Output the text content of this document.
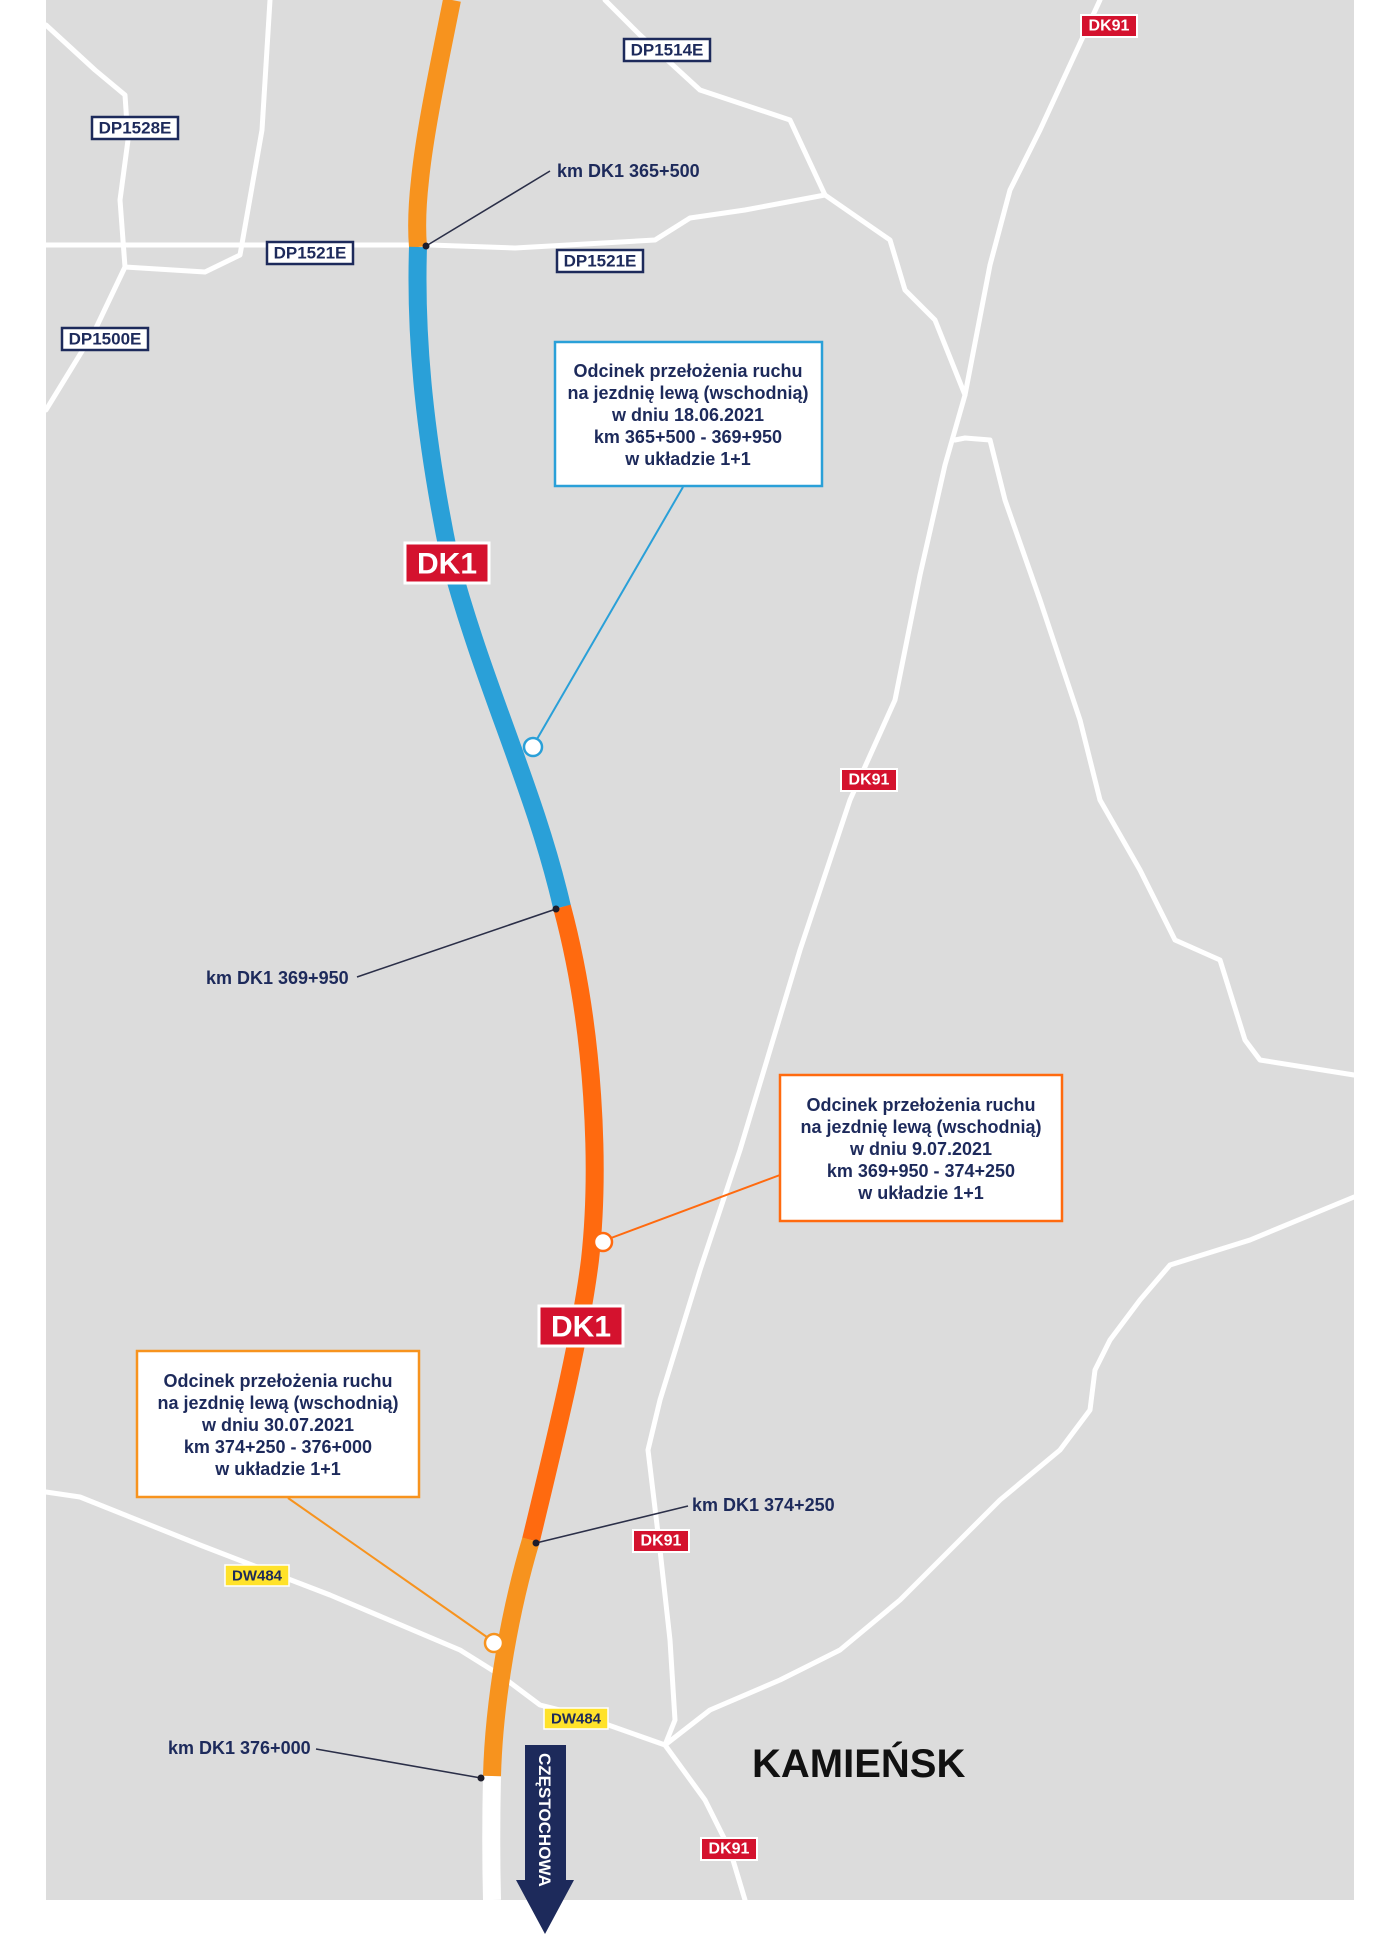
DP1514E
DP1528E
DP1521E	DP1521E
DP1500E
DK91
DK91
DK91
DK91
DW484
DW484
DK1
DK1
km DK1 365+500
km DK1 369+950
km DK1 374+250
km DK1 376+000
Odcinek przełożenia ruchu
na jezdnię lewą (wschodnią)
w dniu 18.06.2021
km 365+500 - 369+950
w układzie 1+1
Odcinek przełożenia ruchu
na jezdnię lewą (wschodnią)
w dniu 9.07.2021
km 369+950 - 374+250
w układzie 1+1
Odcinek przełożenia ruchu
na jezdnię lewą (wschodnią)
w dniu 30.07.2021
km 374+250 - 376+000
w układzie 1+1
KAMIEŃSK
CZĘSTOCHOWA
